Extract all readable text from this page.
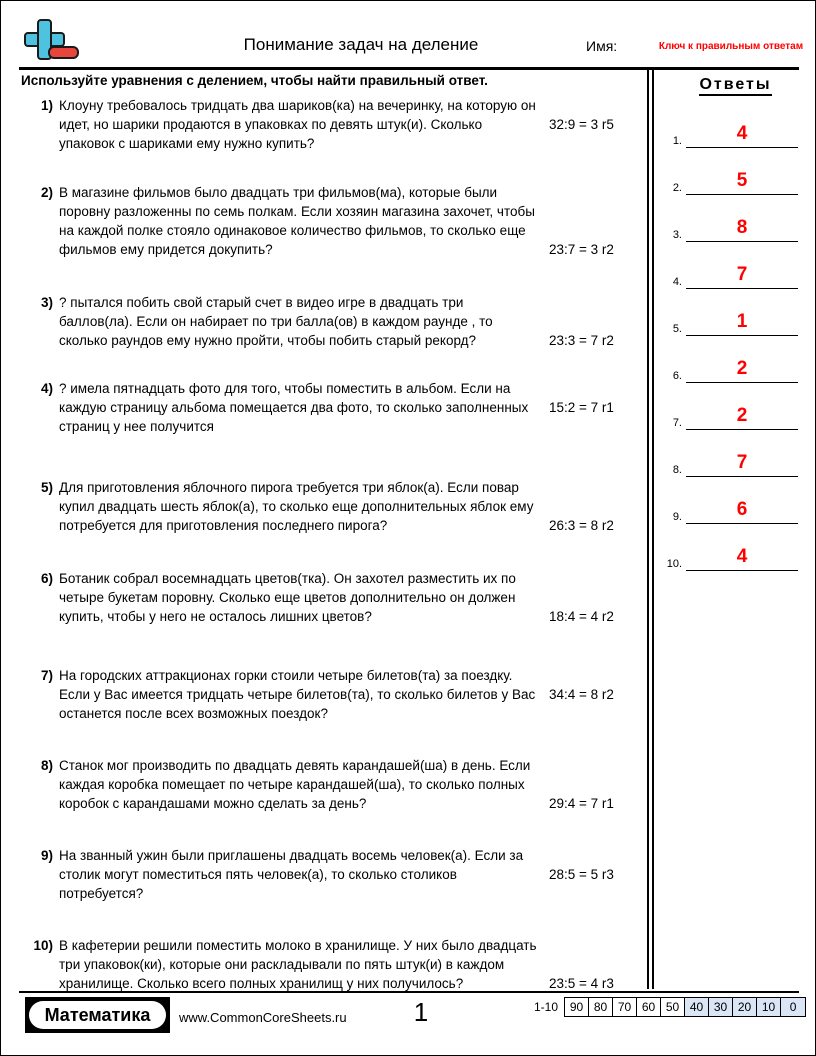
Понимание задач на деление	Имя:	Ключ к правильным ответам
Используйте уравнения с делением, чтобы найти правильный ответ.
1) Клоуну требовалось тридцать два шариков(ка) на вечеринку, на которую он идет, но шарики продаются в упаковках по девять штук(и). Сколько упаковок с шариками ему нужно купить?
32:9 = 3 r5
2) В магазине фильмов было двадцать три фильмов(ма), которые были поровну разложенны по семь полкам. Если хозяин магазина захочет, чтобы на каждой полке стояло одинаковое количество фильмов, то сколько еще фильмов ему придется докупить?	23:7 = 3 r2
3) ? пытался побить свой старый счет в видео игре в двадцать три баллов(ла). Если он набирает по три балла(ов) в каждом раунде , то сколько раундов ему нужно пройти, чтобы побить старый рекорд?	23:3 = 7 r2
4) ? имела пятнадцать фото для того, чтобы поместить в альбом. Если на каждую страницу альбома помещается два фото, то сколько заполненных страниц у нее получится
15:2 = 7 r1
5) Для приготовления яблочного пирога требуется три яблок(а). Если повар купил двадцать шесть яблок(а), то сколько еще дополнительных яблок ему потребуется для приготовления последнего пирога?	26:3 = 8 r2
6) Ботаник собрал восемнадцать цветов(тка). Он захотел разместить их по четыре букетам поровну. Сколько еще цветов дополнительно он должен купить, чтобы у него не осталось лишних цветов?	18:4 = 4 r2
7) На городских аттракционах горки стоили четыре билетов(та) за поездку. Если у Вас имеется тридцать четыре билетов(та), то сколько билетов у Вас останется после всех возможных поездок?
34:4 = 8 r2
8) Станок мог производить по двадцать девять карандашей(ша) в день. Если каждая коробка помещает по четыре карандашей(ша), то сколько полных коробок с карандашами можно сделать за день?	29:4 = 7 r1
9) На званный ужин были приглашены двадцать восемь человек(а). Если за столик могут поместиться пять человек(а), то сколько столиков потребуется?
28:5 = 5 r3
10) В кафетерии решили поместить молоко в хранилище. У них было двадцать три упаковок(ки), которые они раскладывали по пять штук(и) в каждом хранилище. Сколько всего полных хранилищ у них получилось?	23:5 = 4 r3
Ответы
1.	4
2.	5
3.	8
4.	7
5.	1
6.	2
7.	2
8.	7
9.	6
10.	4
Математика www.CommonCoreSheets.ru	1	1-10 90 80 70 60 50 40 30 20 10	0
